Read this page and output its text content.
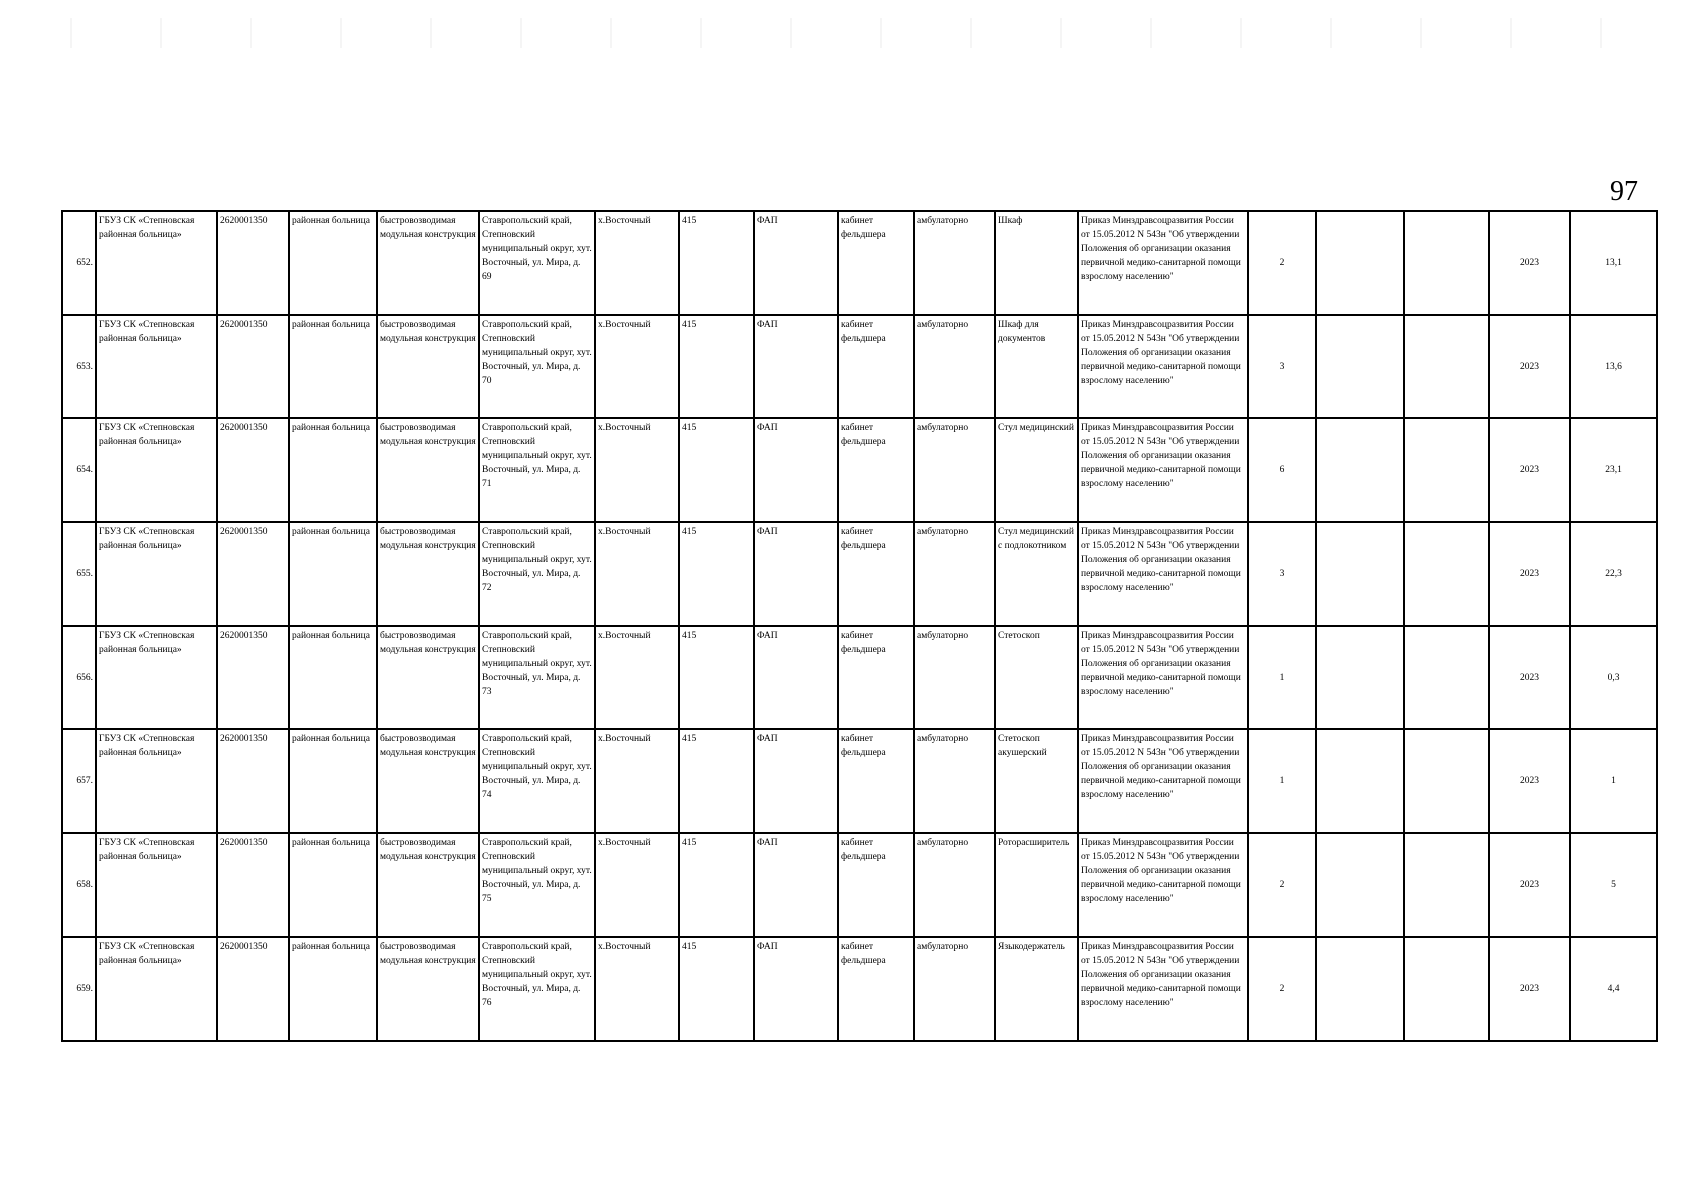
97
652.	ГБУЗ СК «Степновская районная больница»	2620001350	районная больница	быстровозводимая модульная конструкция	Ставропольский край, Степновский муниципальный округ, хут. Восточный, ул. Мира, д. 69	х.Восточный	415	ФАП	кабинет фельдшера	амбулаторно	Шкаф	Приказ Минздравсоцразвития России от 15.05.2012 N 543н "Об утверждении Положения об организации оказания первичной медико-санитарной помощи взрослому населению"	2			2023	13,1
653.	ГБУЗ СК «Степновская районная больница»	2620001350	районная больница	быстровозводимая модульная конструкция	Ставропольский край, Степновский муниципальный округ, хут. Восточный, ул. Мира, д. 70	х.Восточный	415	ФАП	кабинет фельдшера	амбулаторно	Шкаф для документов	Приказ Минздравсоцразвития России от 15.05.2012 N 543н "Об утверждении Положения об организации оказания первичной медико-санитарной помощи взрослому населению"	3			2023	13,6
654.	ГБУЗ СК «Степновская районная больница»	2620001350	районная больница	быстровозводимая модульная конструкция	Ставропольский край, Степновский муниципальный округ, хут. Восточный, ул. Мира, д. 71	х.Восточный	415	ФАП	кабинет фельдшера	амбулаторно	Стул медицинский	Приказ Минздравсоцразвития России от 15.05.2012 N 543н "Об утверждении Положения об организации оказания первичной медико-санитарной помощи взрослому населению"	6			2023	23,1
655.	ГБУЗ СК «Степновская районная больница»	2620001350	районная больница	быстровозводимая модульная конструкция	Ставропольский край, Степновский муниципальный округ, хут. Восточный, ул. Мира, д. 72	х.Восточный	415	ФАП	кабинет фельдшера	амбулаторно	Стул медицинский с подлокотником	Приказ Минздравсоцразвития России от 15.05.2012 N 543н "Об утверждении Положения об организации оказания первичной медико-санитарной помощи взрослому населению"	3			2023	22,3
656.	ГБУЗ СК «Степновская районная больница»	2620001350	районная больница	быстровозводимая модульная конструкция	Ставропольский край, Степновский муниципальный округ, хут. Восточный, ул. Мира, д. 73	х.Восточный	415	ФАП	кабинет фельдшера	амбулаторно	Стетоскоп	Приказ Минздравсоцразвития России от 15.05.2012 N 543н "Об утверждении Положения об организации оказания первичной медико-санитарной помощи взрослому населению"	1			2023	0,3
657.	ГБУЗ СК «Степновская районная больница»	2620001350	районная больница	быстровозводимая модульная конструкция	Ставропольский край, Степновский муниципальный округ, хут. Восточный, ул. Мира, д. 74	х.Восточный	415	ФАП	кабинет фельдшера	амбулаторно	Стетоскоп акушерский	Приказ Минздравсоцразвития России от 15.05.2012 N 543н "Об утверждении Положения об организации оказания первичной медико-санитарной помощи взрослому населению"	1			2023	1
658.	ГБУЗ СК «Степновская районная больница»	2620001350	районная больница	быстровозводимая модульная конструкция	Ставропольский край, Степновский муниципальный округ, хут. Восточный, ул. Мира, д. 75	х.Восточный	415	ФАП	кабинет фельдшера	амбулаторно	Роторасширитель	Приказ Минздравсоцразвития России от 15.05.2012 N 543н "Об утверждении Положения об организации оказания первичной медико-санитарной помощи взрослому населению"	2			2023	5
659.	ГБУЗ СК «Степновская районная больница»	2620001350	районная больница	быстровозводимая модульная конструкция	Ставропольский край, Степновский муниципальный округ, хут. Восточный, ул. Мира, д. 76	х.Восточный	415	ФАП	кабинет фельдшера	амбулаторно	Языкодержатель	Приказ Минздравсоцразвития России от 15.05.2012 N 543н "Об утверждении Положения об организации оказания первичной медико-санитарной помощи взрослому населению"	2			2023	4,4
